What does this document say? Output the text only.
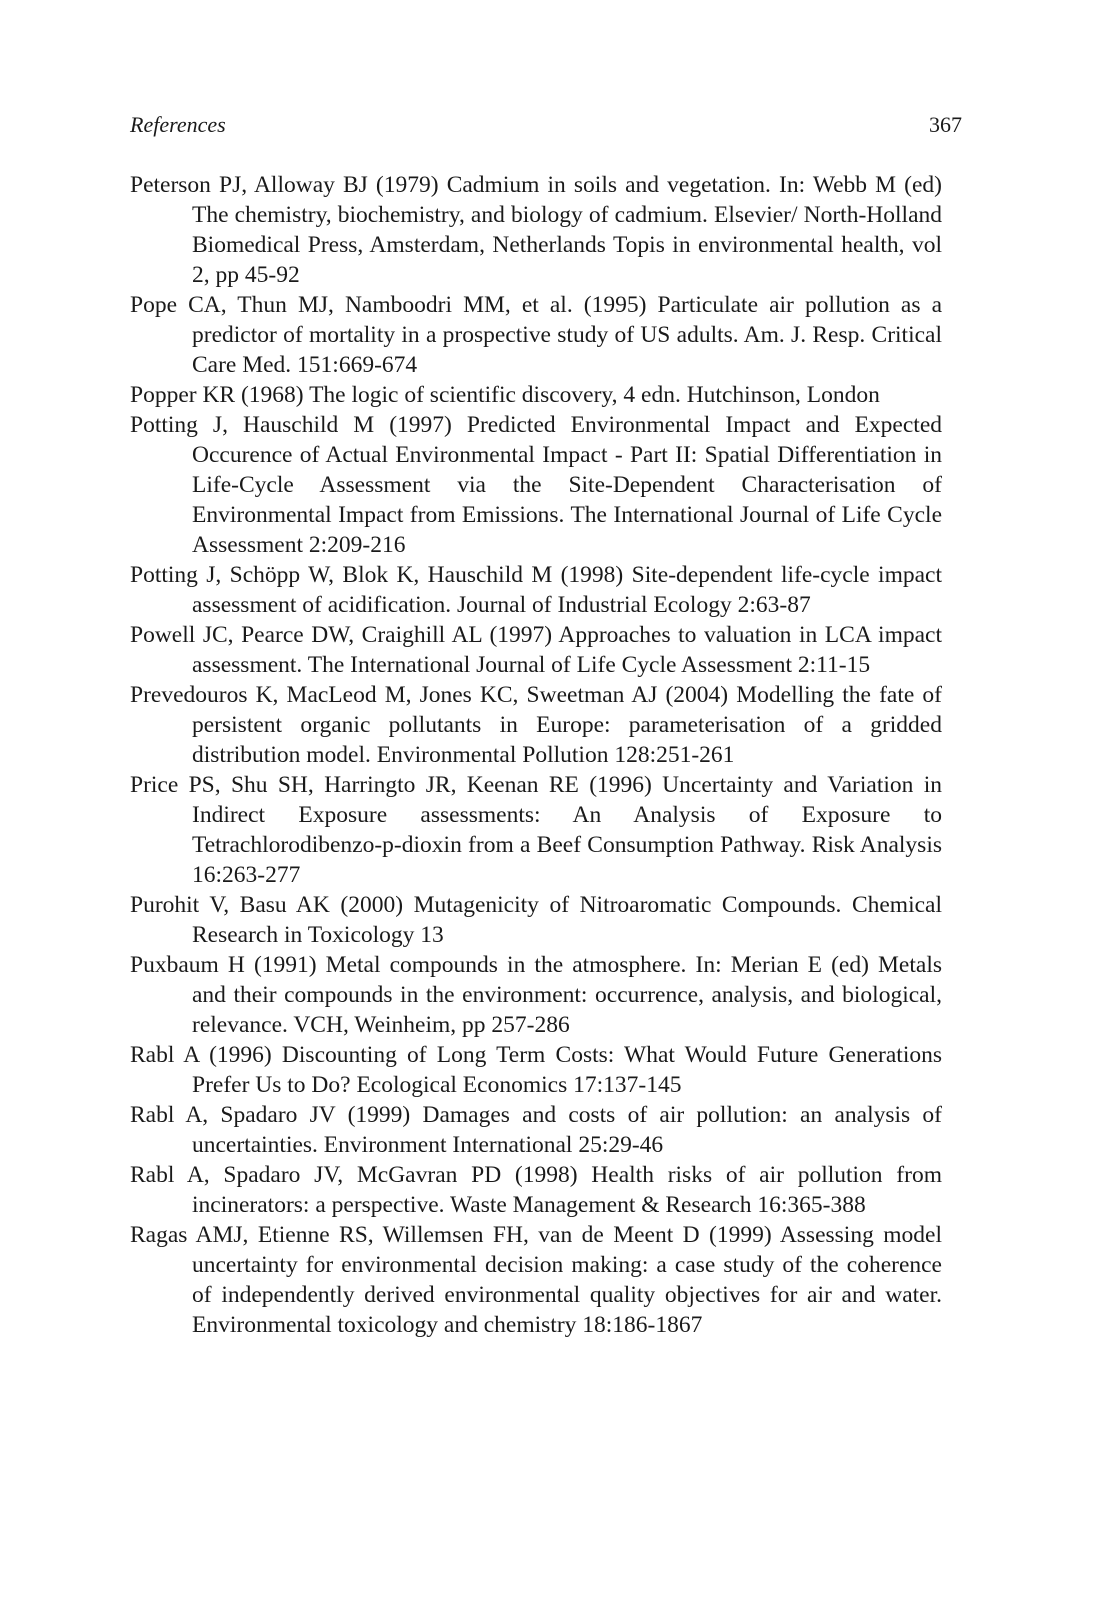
References	367
Peterson PJ, Alloway BJ (1979) Cadmium in soils and vegetation. In: Webb M (ed) The chemistry, biochemistry, and biology of cadmium. Elsevier/ North-Holland Biomedical Press, Amsterdam, Netherlands Topis in environmental health, vol 2, pp 45-92
Pope CA, Thun MJ, Namboodri MM, et al. (1995) Particulate air pollution as a predictor of mortality in a prospective study of US adults. Am. J. Resp. Critical Care Med. 151:669-674
Popper KR (1968) The logic of scientific discovery, 4 edn. Hutchinson, London
Potting J, Hauschild M (1997) Predicted Environmental Impact and Expected Occurence of Actual Environmental Impact - Part II: Spatial Differentiation in Life-Cycle Assessment via the Site-Dependent Characterisation of Environmental Impact from Emissions. The International Journal of Life Cycle Assessment 2:209-216
Potting J, Schöpp W, Blok K, Hauschild M (1998) Site-dependent life-cycle impact assessment of acidification. Journal of Industrial Ecology 2:63-87
Powell JC, Pearce DW, Craighill AL (1997) Approaches to valuation in LCA impact assessment. The International Journal of Life Cycle Assessment 2:11-15
Prevedouros K, MacLeod M, Jones KC, Sweetman AJ (2004) Modelling the fate of persistent organic pollutants in Europe: parameterisation of a gridded distribution model. Environmental Pollution 128:251-261
Price PS, Shu SH, Harringto JR, Keenan RE (1996) Uncertainty and Variation in Indirect Exposure assessments: An Analysis of Exposure to Tetrachlorodibenzo-p-dioxin from a Beef Consumption Pathway. Risk Analysis 16:263-277
Purohit V, Basu AK (2000) Mutagenicity of Nitroaromatic Compounds. Chemical Research in Toxicology 13
Puxbaum H (1991) Metal compounds in the atmosphere. In: Merian E (ed) Metals and their compounds in the environment: occurrence, analysis, and biological, relevance. VCH, Weinheim, pp 257-286
Rabl A (1996) Discounting of Long Term Costs: What Would Future Generations Prefer Us to Do? Ecological Economics 17:137-145
Rabl A, Spadaro JV (1999) Damages and costs of air pollution: an analysis of uncertainties. Environment International 25:29-46
Rabl A, Spadaro JV, McGavran PD (1998) Health risks of air pollution from incinerators: a perspective. Waste Management & Research 16:365-388
Ragas AMJ, Etienne RS, Willemsen FH, van de Meent D (1999) Assessing model uncertainty for environmental decision making: a case study of the coherence of independently derived environmental quality objectives for air and water. Environmental toxicology and chemistry 18:186-1867
